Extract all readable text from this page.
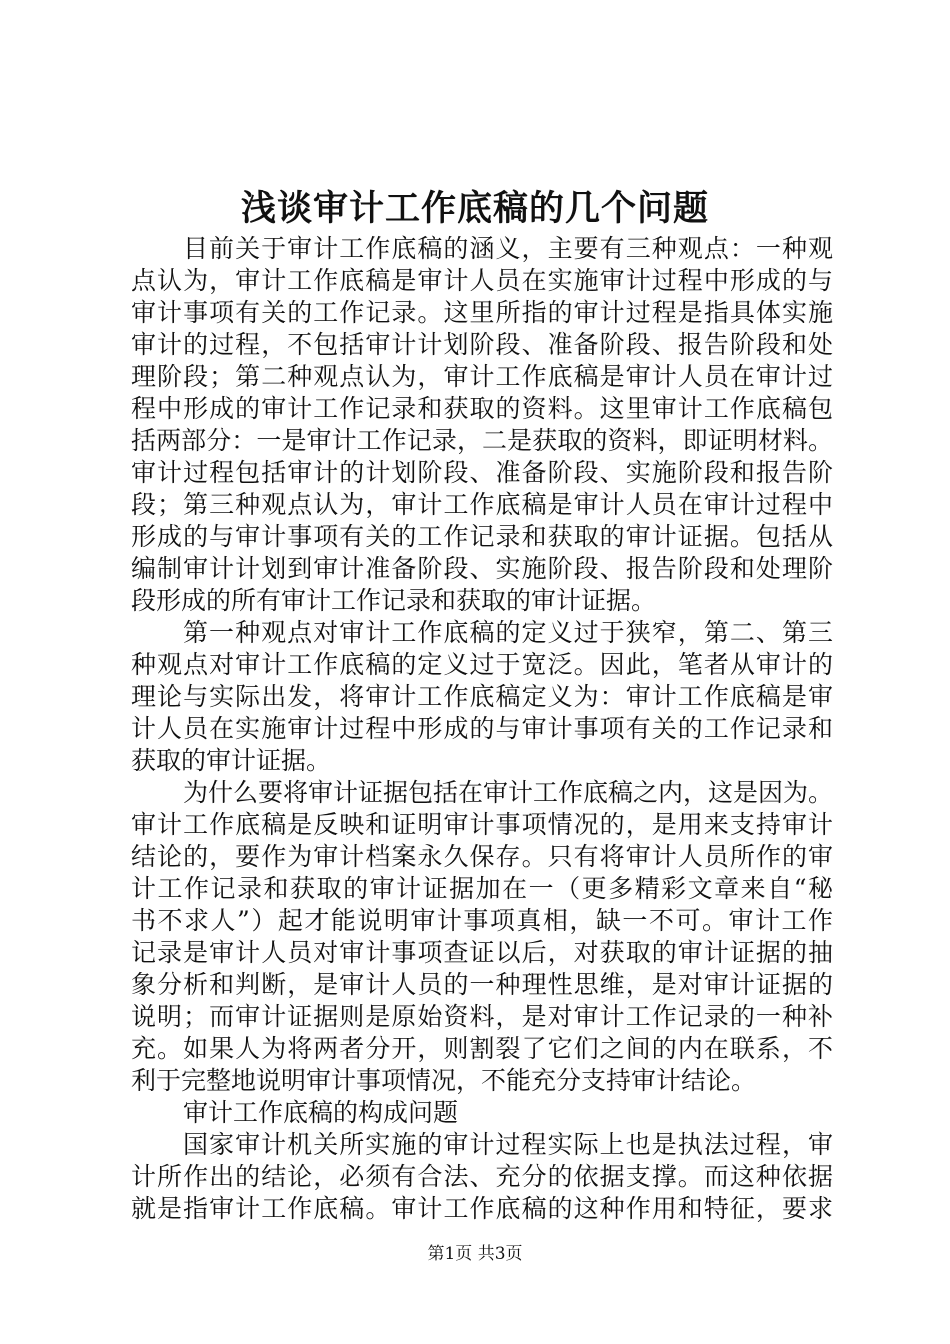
浅谈审计工作底稿的几个问题
目前关于审计工作底稿的涵义，主要有三种观点：一种观
点认为，审计工作底稿是审计人员在实施审计过程中形成的与
审计事项有关的工作记录。这里所指的审计过程是指具体实施
审计的过程，不包括审计计划阶段、准备阶段、报告阶段和处
理阶段；第二种观点认为，审计工作底稿是审计人员在审计过
程中形成的审计工作记录和获取的资料。这里审计工作底稿包
括两部分：一是审计工作记录，二是获取的资料，即证明材料。
审计过程包括审计的计划阶段、准备阶段、实施阶段和报告阶
段；第三种观点认为，审计工作底稿是审计人员在审计过程中
形成的与审计事项有关的工作记录和获取的审计证据。包括从
编制审计计划到审计准备阶段、实施阶段、报告阶段和处理阶
段形成的所有审计工作记录和获取的审计证据。
第一种观点对审计工作底稿的定义过于狭窄，第二、第三
种观点对审计工作底稿的定义过于宽泛。因此，笔者从审计的
理论与实际出发，将审计工作底稿定义为：审计工作底稿是审
计人员在实施审计过程中形成的与审计事项有关的工作记录和
获取的审计证据。
为什么要将审计证据包括在审计工作底稿之内，这是因为。
审计工作底稿是反映和证明审计事项情况的，是用来支持审计
结论的，要作为审计档案永久保存。只有将审计人员所作的审
计工作记录和获取的审计证据加在一（更多精彩文章来自“秘
书不求人”）起才能说明审计事项真相，缺一不可。审计工作
记录是审计人员对审计事项查证以后，对获取的审计证据的抽
象分析和判断，是审计人员的一种理性思维，是对审计证据的
说明；而审计证据则是原始资料，是对审计工作记录的一种补
充。如果人为将两者分开，则割裂了它们之间的内在联系，不
利于完整地说明审计事项情况，不能充分支持审计结论。
审计工作底稿的构成问题
国家审计机关所实施的审计过程实际上也是执法过程，审
计所作出的结论，必须有合法、充分的依据支撑。而这种依据
就是指审计工作底稿。审计工作底稿的这种作用和特征，要求
第1页 共3页
